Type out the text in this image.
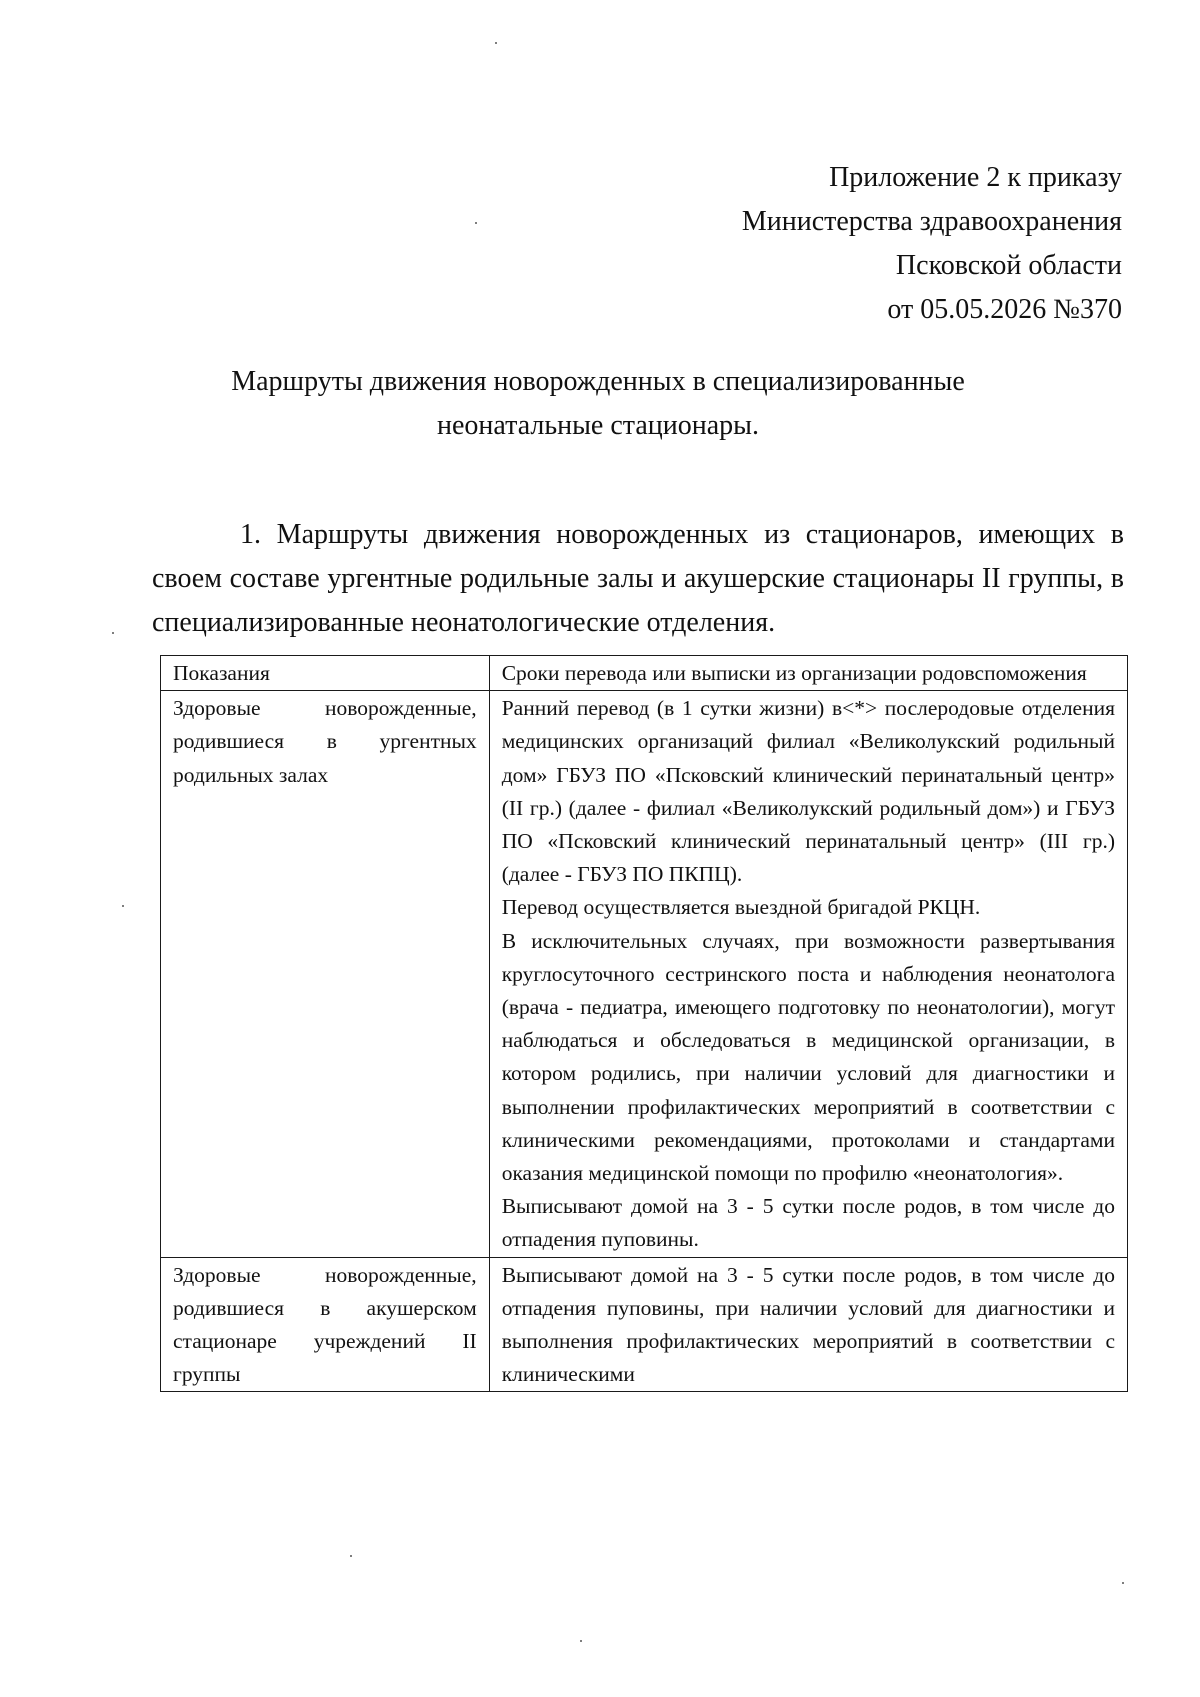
Приложение 2 к приказу
Министерства здравоохранения
Псковской области
от 05.05.2026 №370
Маршруты движения новорожденных в специализированные
неонатальные стационары.

1. Маршруты движения новорожденных из стационаров, имеющих в своем составе ургентные родильные залы и акушерские стационары II группы, в специализированные неонатологические отделения.

Показания	Сроки перевода или выписки из организации родовспоможения

Здоровые новорожденные, родившиеся в ургентных родильных залах	Ранний перевод (в 1 сутки жизни) в<*> послеродовые отделения медицинских организаций филиал «Великолукский родильный дом» ГБУЗ ПО «Псковский клинический перинатальный центр» (II гр.) (далее - филиал «Великолукский родильный дом») и ГБУЗ ПО «Псковский клинический перинатальный центр» (III гр.) (далее - ГБУЗ ПО ПКПЦ).
Перевод осуществляется выездной бригадой РКЦН.
В исключительных случаях, при возможности развертывания круглосуточного сестринского поста и наблюдения неонатолога (врача - педиатра, имеющего подготовку по неонатологии), могут наблюдаться и обследоваться в медицинской организации, в котором родились, при наличии условий для диагностики и выполнении профилактических мероприятий в соответствии с клиническими рекомендациями, протоколами и стандартами оказания медицинской помощи по профилю «неонатология».
Выписывают домой на 3 - 5 сутки после родов, в том числе до отпадения пуповины.

Здоровые новорожденные, родившиеся в акушерском стационаре учреждений II группы	Выписывают домой на 3 - 5 сутки после родов, в том числе до отпадения пуповины, при наличии условий для диагностики и выполнения профилактических мероприятий в соответствии с клиническими
